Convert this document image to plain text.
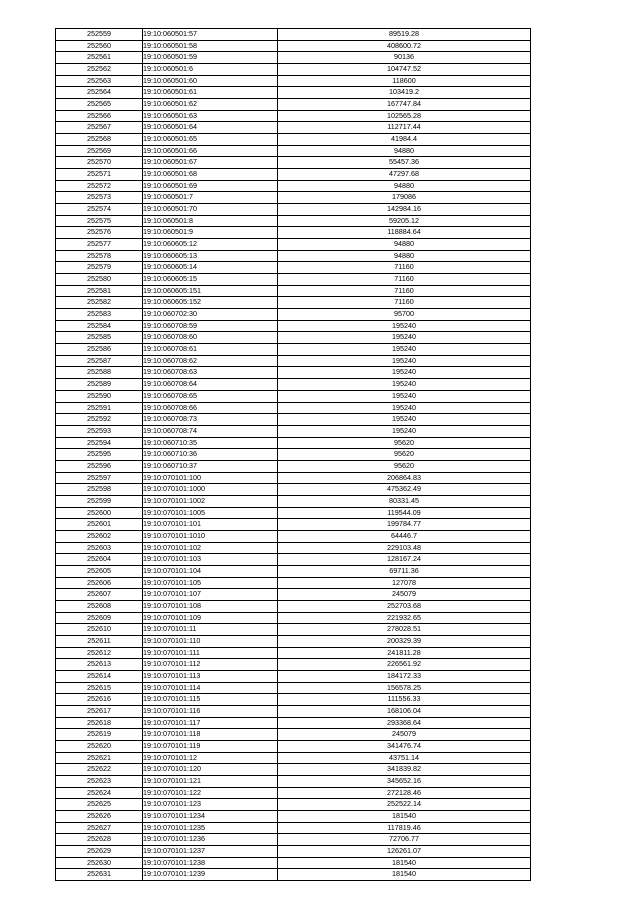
252559	19:10:060501:57	89519.28
252560	19:10:060501:58	408600.72
252561	19:10:060501:59	90136
252562	19:10:060501:6	104747.52
252563	19:10:060501:60	118600
252564	19:10:060501:61	103419.2
252565	19:10:060501:62	167747.84
252566	19:10:060501:63	102565.28
252567	19:10:060501:64	112717.44
252568	19:10:060501:65	41984.4
252569	19:10:060501:66	94880
252570	19:10:060501:67	55457.36
252571	19:10:060501:68	47297.68
252572	19:10:060501:69	94880
252573	19:10:060501:7	179086
252574	19:10:060501:70	142984.16
252575	19:10:060501:8	59205.12
252576	19:10:060501:9	118884.64
252577	19:10:060605:12	94880
252578	19:10:060605:13	94880
252579	19:10:060605:14	71160
252580	19:10:060605:15	71160
252581	19:10:060605:151	71160
252582	19:10:060605:152	71160
252583	19:10:060702:30	95700
252584	19:10:060708:59	195240
252585	19:10:060708:60	195240
252586	19:10:060708:61	195240
252587	19:10:060708:62	195240
252588	19:10:060708:63	195240
252589	19:10:060708:64	195240
252590	19:10:060708:65	195240
252591	19:10:060708:66	195240
252592	19:10:060708:73	195240
252593	19:10:060708:74	195240
252594	19:10:060710:35	95620
252595	19:10:060710:36	95620
252596	19:10:060710:37	95620
252597	19:10:070101:100	206864.83
252598	19:10:070101:1000	475362.49
252599	19:10:070101:1002	80331.45
252600	19:10:070101:1005	119544.09
252601	19:10:070101:101	199784.77
252602	19:10:070101:1010	64446.7
252603	19:10:070101:102	229103.48
252604	19:10:070101:103	128167.24
252605	19:10:070101:104	69711.36
252606	19:10:070101:105	127078
252607	19:10:070101:107	245079
252608	19:10:070101:108	252703.68
252609	19:10:070101:109	221932.65
252610	19:10:070101:11	278028.51
252611	19:10:070101:110	200329.39
252612	19:10:070101:111	241811.28
252613	19:10:070101:112	226561.92
252614	19:10:070101:113	184172.33
252615	19:10:070101:114	156578.25
252616	19:10:070101:115	111556.33
252617	19:10:070101:116	168106.04
252618	19:10:070101:117	293368.64
252619	19:10:070101:118	245079
252620	19:10:070101:119	341476.74
252621	19:10:070101:12	43751.14
252622	19:10:070101:120	341839.82
252623	19:10:070101:121	345652.16
252624	19:10:070101:122	272128.46
252625	19:10:070101:123	252522.14
252626	19:10:070101:1234	181540
252627	19:10:070101:1235	117819.46
252628	19:10:070101:1236	72706.77
252629	19:10:070101:1237	126261.07
252630	19:10:070101:1238	181540
252631	19:10:070101:1239	181540
